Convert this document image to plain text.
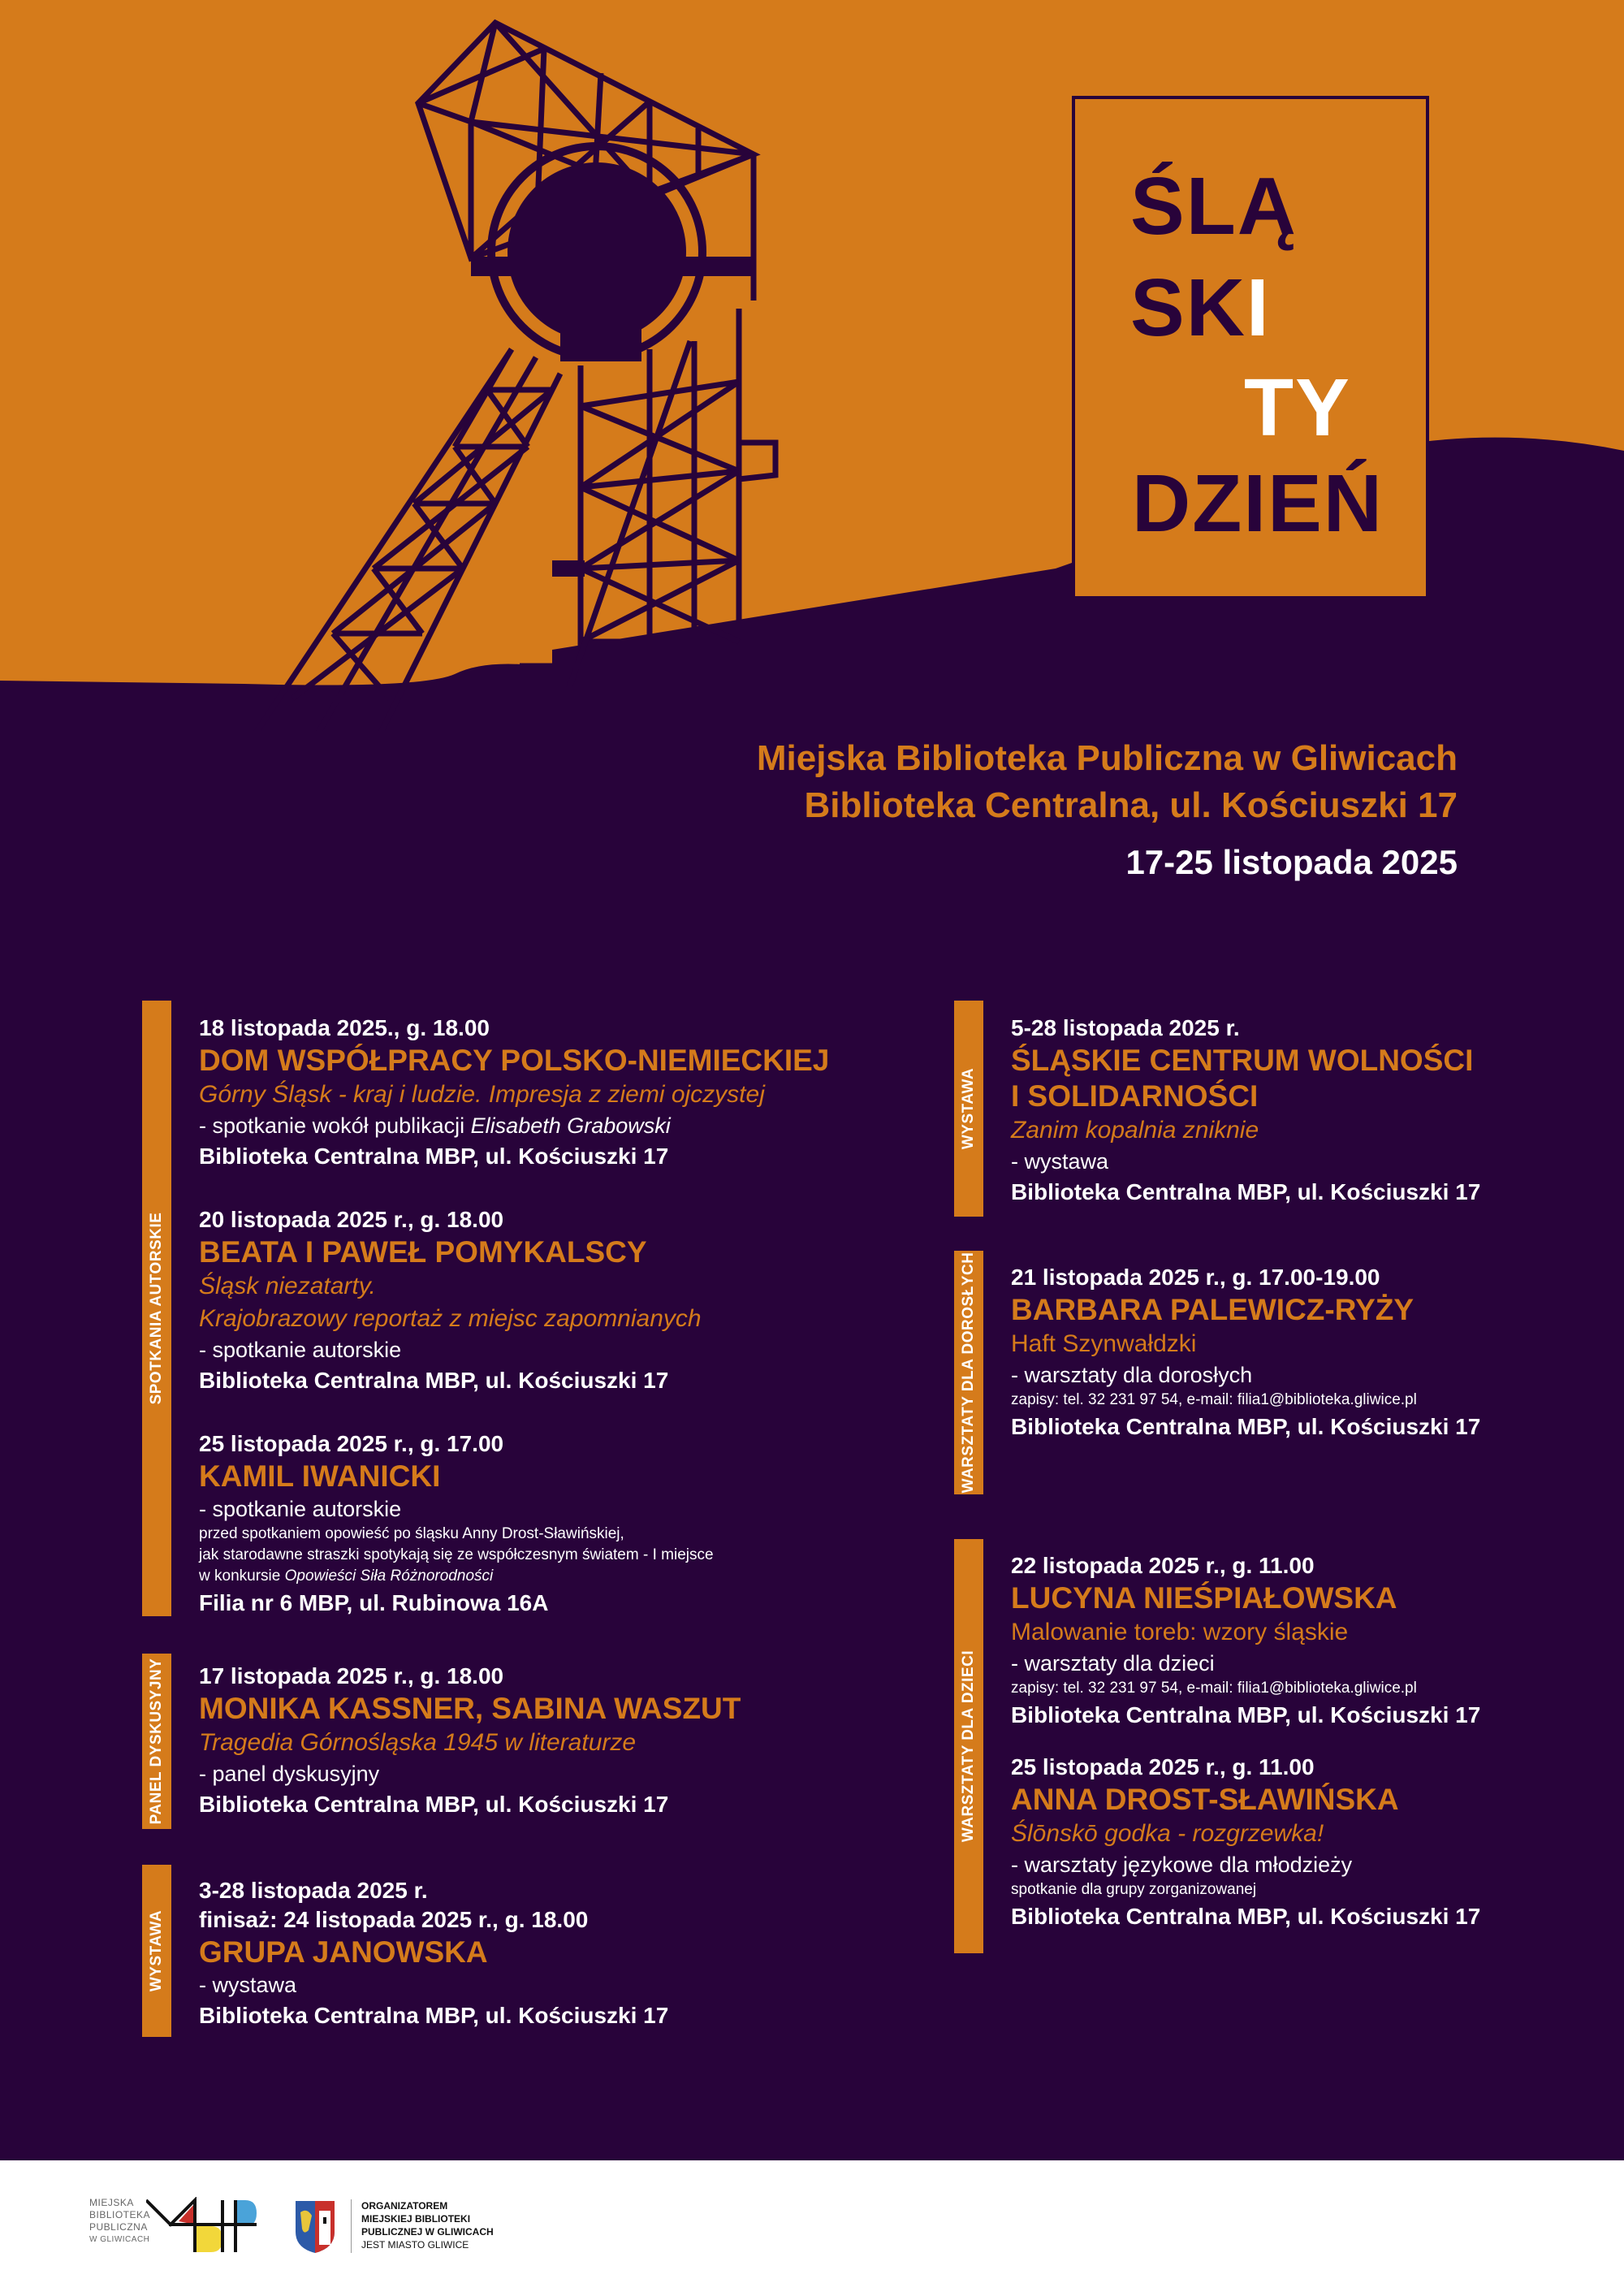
ŚLĄ
SKI
TY
DZIEŃ
Miejska Biblioteka Publiczna w Gliwicach
Biblioteka Centralna, ul. Kościuszki 17
17-25 listopada 2025
SPOTKANIA AUTORSKIE
PANEL DYSKUSYJNY
WYSTAWA
18 listopada 2025., g. 18.00
DOM WSPÓŁPRACY POLSKO-NIEMIECKIEJ
Górny Śląsk - kraj i ludzie. Impresja z ziemi ojczystej
- spotkanie wokół publikacji Elisabeth Grabowski
Biblioteka Centralna MBP, ul. Kościuszki 17
20 listopada 2025 r., g. 18.00
BEATA I PAWEŁ POMYKALSCY
Śląsk niezatarty.
Krajobrazowy reportaż z miejsc zapomnianych
- spotkanie autorskie
Biblioteka Centralna MBP, ul. Kościuszki 17
25 listopada 2025 r., g. 17.00
KAMIL IWANICKI
- spotkanie autorskie
przed spotkaniem opowieść po śląsku Anny Drost-Sławińskiej,
jak starodawne straszki spotykają się ze współczesnym światem - I miejsce
w konkursie Opowieści Siła Różnorodności
Filia nr 6 MBP, ul. Rubinowa 16A
17 listopada 2025 r., g. 18.00
MONIKA KASSNER, SABINA WASZUT
Tragedia Górnośląska 1945 w literaturze
- panel dyskusyjny
Biblioteka Centralna MBP, ul. Kościuszki 17
3-28 listopada 2025 r.
finisaż: 24 listopada 2025 r., g. 18.00
GRUPA JANOWSKA
- wystawa
Biblioteka Centralna MBP, ul. Kościuszki 17
WYSTAWA
WARSZTATY DLA DOROSŁYCH
WARSZTATY DLA DZIECI
5-28 listopada 2025 r.
ŚLĄSKIE CENTRUM WOLNOŚCI
I SOLIDARNOŚCI
Zanim kopalnia zniknie
- wystawa
Biblioteka Centralna MBP, ul. Kościuszki 17
21 listopada 2025 r., g. 17.00-19.00
BARBARA PALEWICZ-RYŻY
Haft Szynwałdzki
- warsztaty dla dorosłych
zapisy: tel. 32 231 97 54, e-mail: filia1@biblioteka.gliwice.pl
Biblioteka Centralna MBP, ul. Kościuszki 17
22 listopada 2025 r., g. 11.00
LUCYNA NIEŚPIAŁOWSKA
Malowanie toreb: wzory śląskie
- warsztaty dla dzieci
zapisy: tel. 32 231 97 54, e-mail: filia1@biblioteka.gliwice.pl
Biblioteka Centralna MBP, ul. Kościuszki 17
25 listopada 2025 r., g. 11.00
ANNA DROST-SŁAWIŃSKA
Ślōnskō godka - rozgrzewka!
- warsztaty językowe dla młodzieży
spotkanie dla grupy zorganizowanej
Biblioteka Centralna MBP, ul. Kościuszki 17
MIEJSKA
BIBLIOTEKA
PUBLICZNA
W GLIWICACH
ORGANIZATOREM
MIEJSKIEJ BIBLIOTEKI
PUBLICZNEJ W GLIWICACH
JEST MIASTO GLIWICE
